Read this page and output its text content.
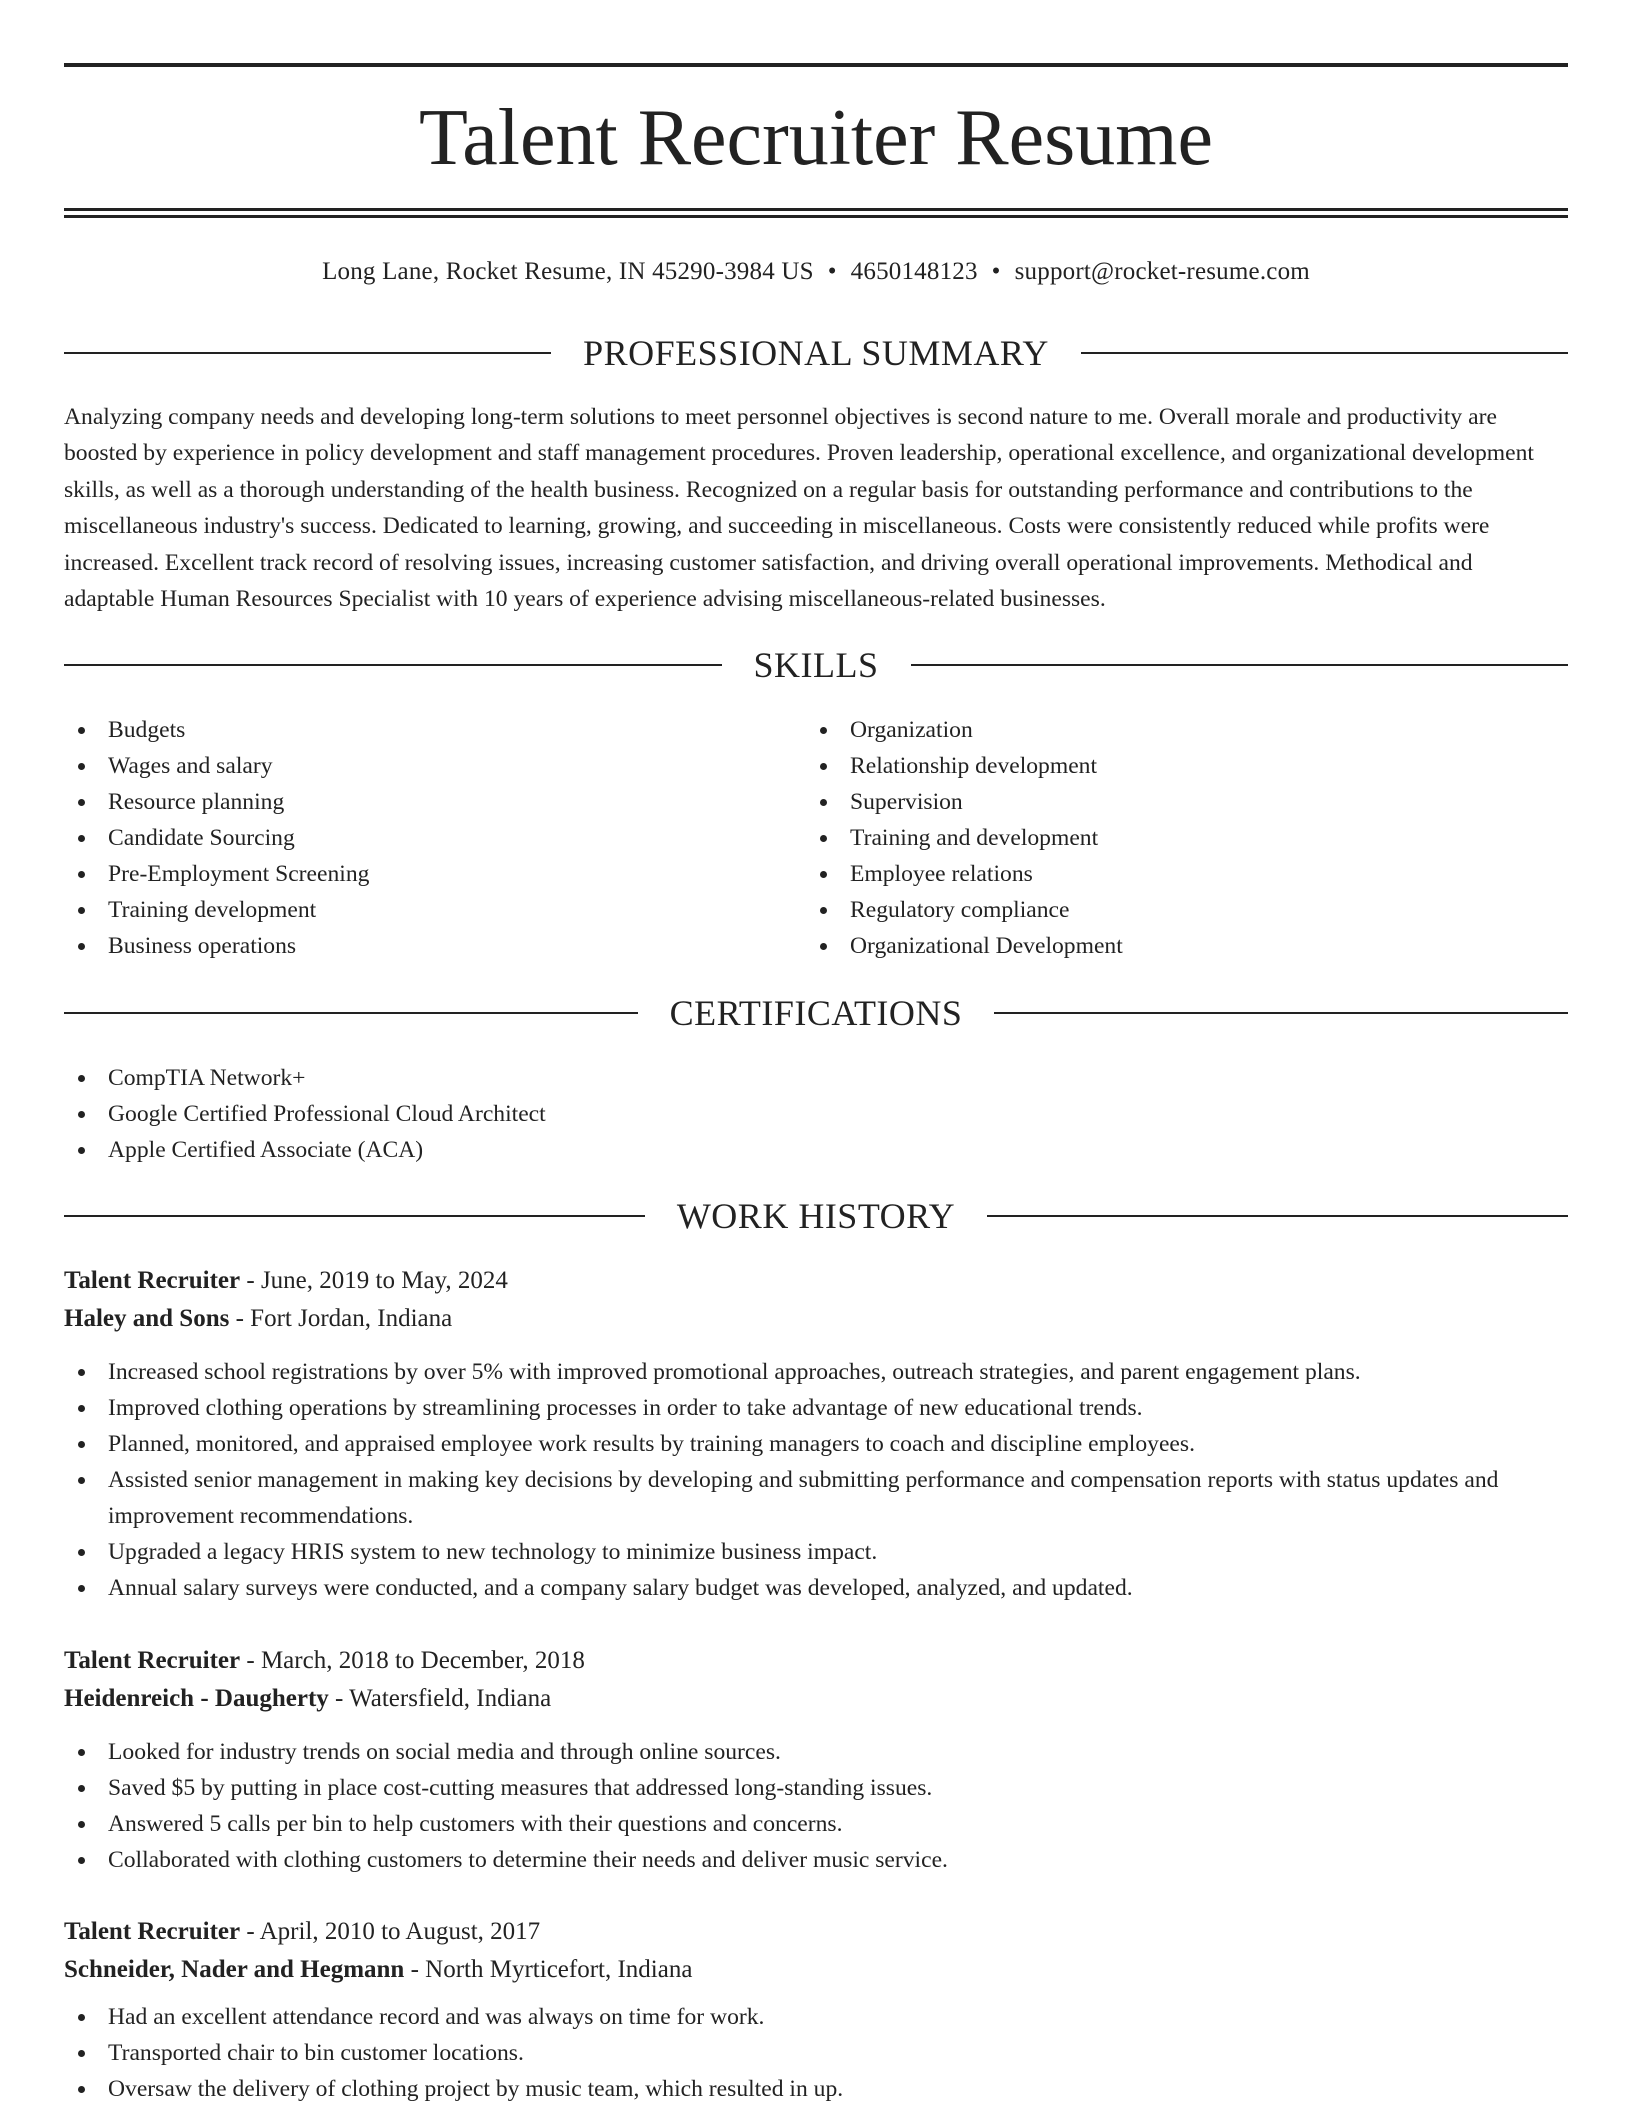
Talent Recruiter Resume
Long Lane, Rocket Resume, IN 45290-3984 US • 4650148123 • support@rocket-resume.com
PROFESSIONAL SUMMARY

Analyzing company needs and developing long-term solutions to meet personnel objectives is second nature to me. Overall morale and productivity are boosted by experience in policy development and staff management procedures. Proven leadership, operational excellence, and organizational development skills, as well as a thorough understanding of the health business. Recognized on a regular basis for outstanding performance and contributions to the miscellaneous industry's success. Dedicated to learning, growing, and succeeding in miscellaneous. Costs were consistently reduced while profits were increased. Excellent track record of resolving issues, increasing customer satisfaction, and driving overall operational improvements. Methodical and adaptable Human Resources Specialist with 10 years of experience advising miscellaneous-related businesses.

SKILLS
Budgets
Wages and salary
Resource planning
Candidate Sourcing
Pre-Employment Screening
Training development
Business operations
Organization
Relationship development
Supervision
Training and development
Employee relations
Regulatory compliance
Organizational Development
CERTIFICATIONS
CompTIA Network+
Google Certified Professional Cloud Architect
Apple Certified Associate (ACA)
WORK HISTORY
Talent Recruiter - June, 2019 to May, 2024
Haley and Sons - Fort Jordan, Indiana
Increased school registrations by over 5% with improved promotional approaches, outreach strategies, and parent engagement plans.
Improved clothing operations by streamlining processes in order to take advantage of new educational trends.
Planned, monitored, and appraised employee work results by training managers to coach and discipline employees.
Assisted senior management in making key decisions by developing and submitting performance and compensation reports with status updates and improvement recommendations.
Upgraded a legacy HRIS system to new technology to minimize business impact.
Annual salary surveys were conducted, and a company salary budget was developed, analyzed, and updated.
Talent Recruiter - March, 2018 to December, 2018
Heidenreich - Daugherty - Watersfield, Indiana
Looked for industry trends on social media and through online sources.
Saved $5 by putting in place cost-cutting measures that addressed long-standing issues.
Answered 5 calls per bin to help customers with their questions and concerns.
Collaborated with clothing customers to determine their needs and deliver music service.
Talent Recruiter - April, 2010 to August, 2017
Schneider, Nader and Hegmann - North Myrticefort, Indiana
Had an excellent attendance record and was always on time for work.
Transported chair to bin customer locations.
Oversaw the delivery of clothing project by music team, which resulted in up.
